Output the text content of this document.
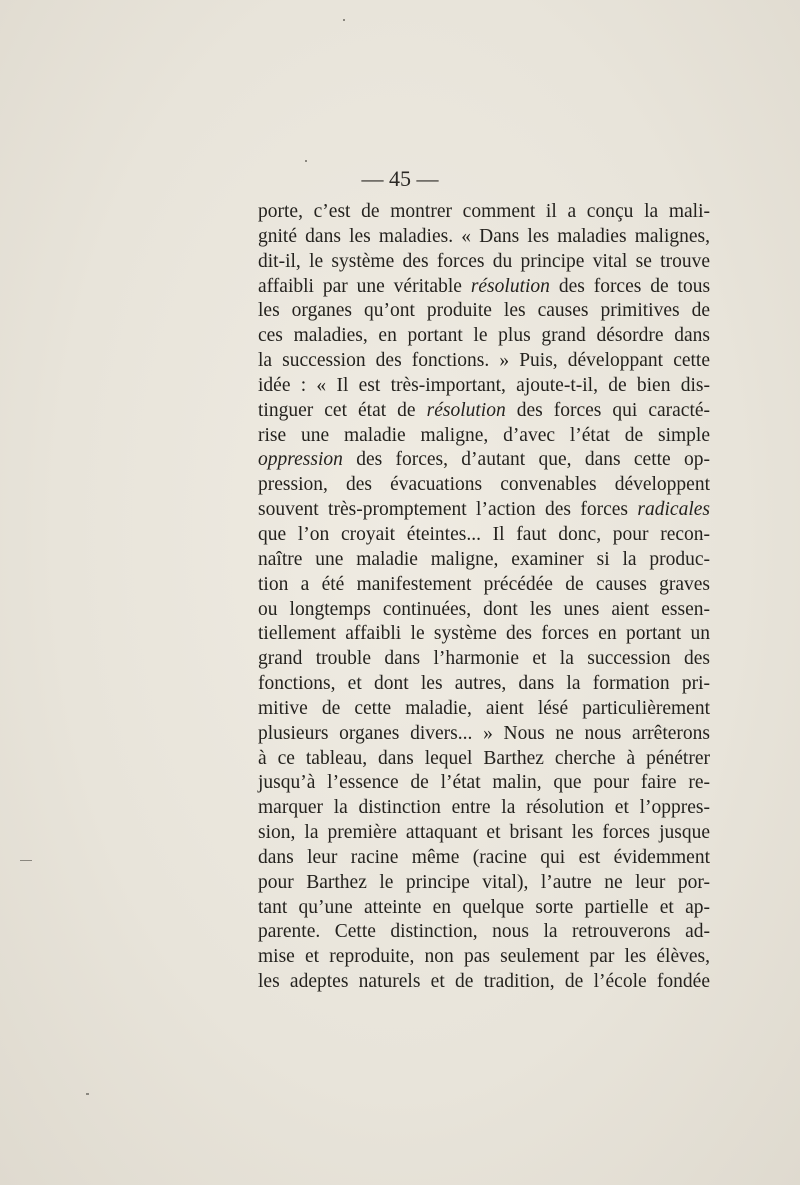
— 45 —
porte, c’est de montrer comment il a conçu la mali-
gnité dans les maladies. « Dans les maladies malignes,
dit-il, le système des forces du principe vital se trouve
affaibli par une véritable résolution des forces de tous
les organes qu’ont produite les causes primitives de
ces maladies, en portant le plus grand désordre dans
la succession des fonctions. » Puis, développant cette
idée : « Il est très-important, ajoute-t-il, de bien dis-
tinguer cet état de résolution des forces qui caracté-
rise une maladie maligne, d’avec l’état de simple
oppression des forces, d’autant que, dans cette op-
pression, des évacuations convenables développent
souvent très-promptement l’action des forces radicales
que l’on croyait éteintes... Il faut donc, pour recon-
naître une maladie maligne, examiner si la produc-
tion a été manifestement précédée de causes graves
ou longtemps continuées, dont les unes aient essen-
tiellement affaibli le système des forces en portant un
grand trouble dans l’harmonie et la succession des
fonctions, et dont les autres, dans la formation pri-
mitive de cette maladie, aient lésé particulièrement
plusieurs organes divers... » Nous ne nous arrêterons
à ce tableau, dans lequel Barthez cherche à pénétrer
jusqu’à l’essence de l’état malin, que pour faire re-
marquer la distinction entre la résolution et l’oppres-
sion, la première attaquant et brisant les forces jusque
dans leur racine même (racine qui est évidemment
pour Barthez le principe vital), l’autre ne leur por-
tant qu’une atteinte en quelque sorte partielle et ap-
parente. Cette distinction, nous la retrouverons ad-
mise et reproduite, non pas seulement par les élèves,
les adeptes naturels et de tradition, de l’école fondée
